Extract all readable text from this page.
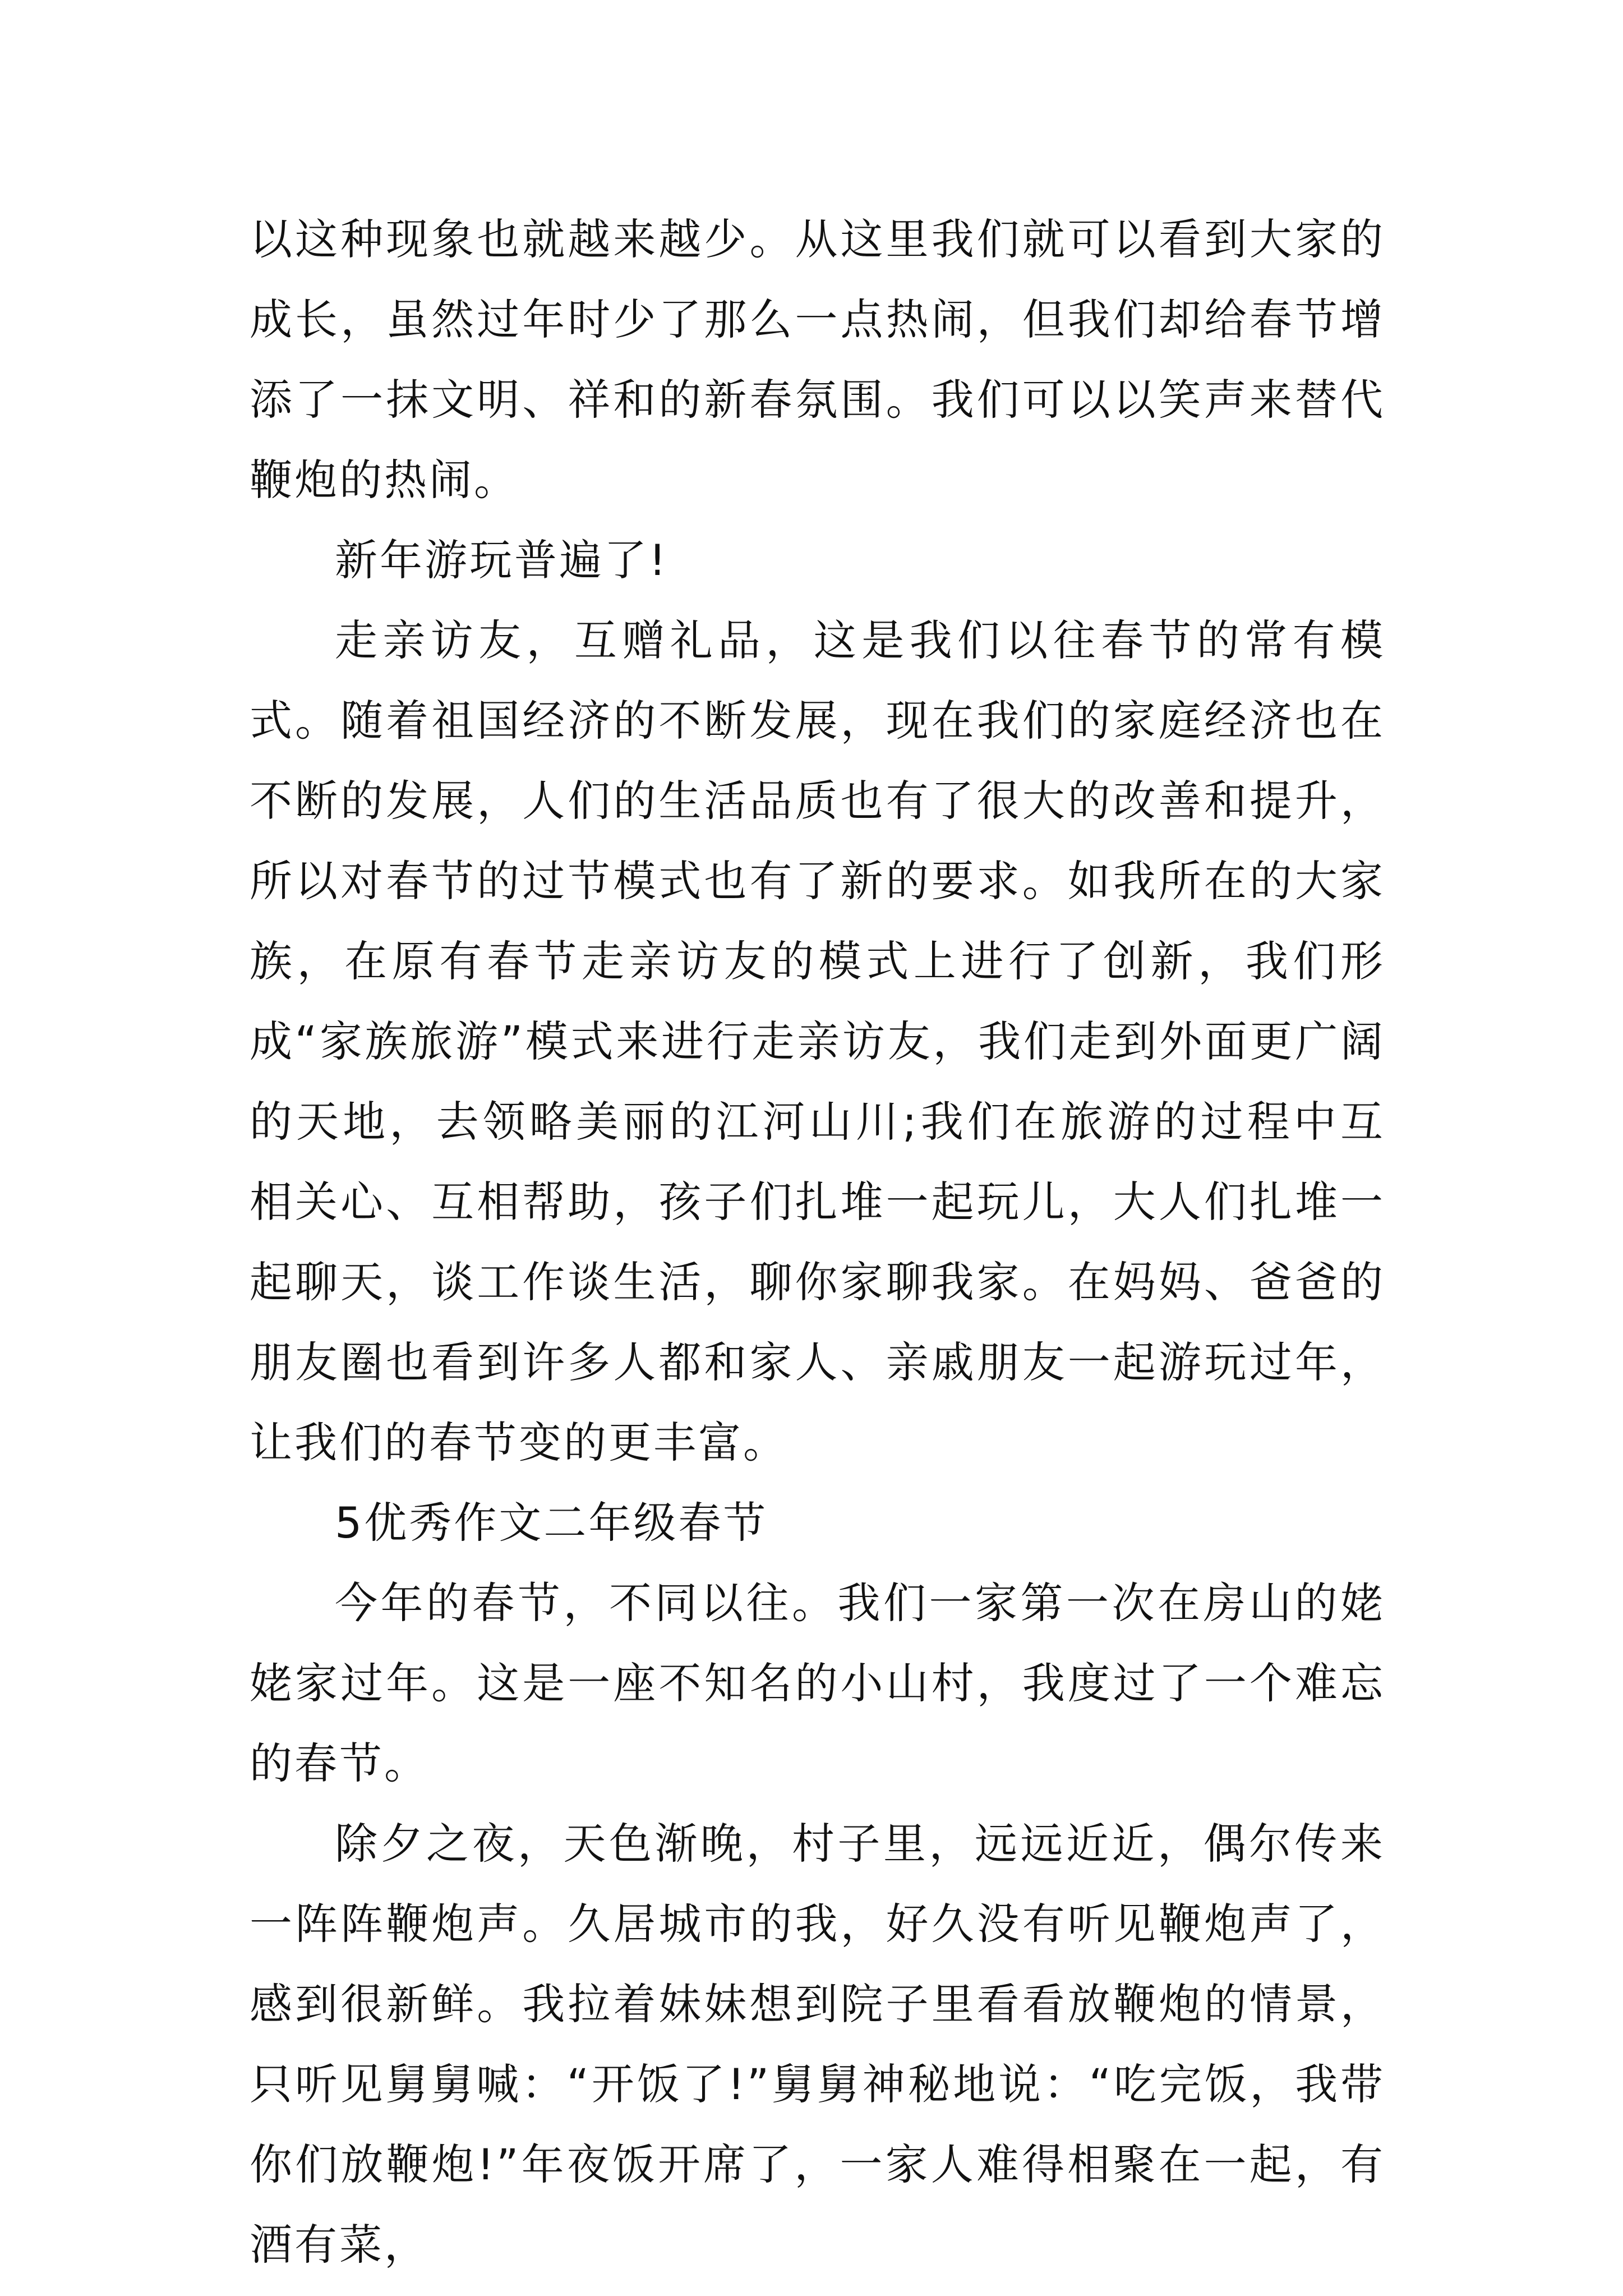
以这种现象也就越来越少。从这里我们就可以看到大家的成长，虽然过年时少了那么一点热闹，但我们却给春节增添了一抹文明、祥和的新春氛围。我们可以以笑声来替代鞭炮的热闹。

新年游玩普遍了!

走亲访友，互赠礼品，这是我们以往春节的常有模式。随着祖国经济的不断发展，现在我们的家庭经济也在不断的发展，人们的生活品质也有了很大的改善和提升，所以对春节的过节模式也有了新的要求。如我所在的大家族，在原有春节走亲访友的模式上进行了创新，我们形成“家族旅游”模式来进行走亲访友，我们走到外面更广阔的天地，去领略美丽的江河山川;我们在旅游的过程中互相关心、互相帮助，孩子们扎堆一起玩儿，大人们扎堆一起聊天，谈工作谈生活，聊你家聊我家。在妈妈、爸爸的朋友圈也看到许多人都和家人、亲戚朋友一起游玩过年，让我们的春节变的更丰富。

5优秀作文二年级春节

今年的春节，不同以往。我们一家第一次在房山的姥姥家过年。这是一座不知名的小山村，我度过了一个难忘的春节。

除夕之夜，天色渐晚，村子里，远远近近，偶尔传来一阵阵鞭炮声。久居城市的我，好久没有听见鞭炮声了，感到很新鲜。我拉着妹妹想到院子里看看放鞭炮的情景，只听见舅舅喊：“开饭了!”舅舅神秘地说：“吃完饭，我带你们放鞭炮!”年夜饭开席了，一家人难得相聚在一起，有酒有菜，
